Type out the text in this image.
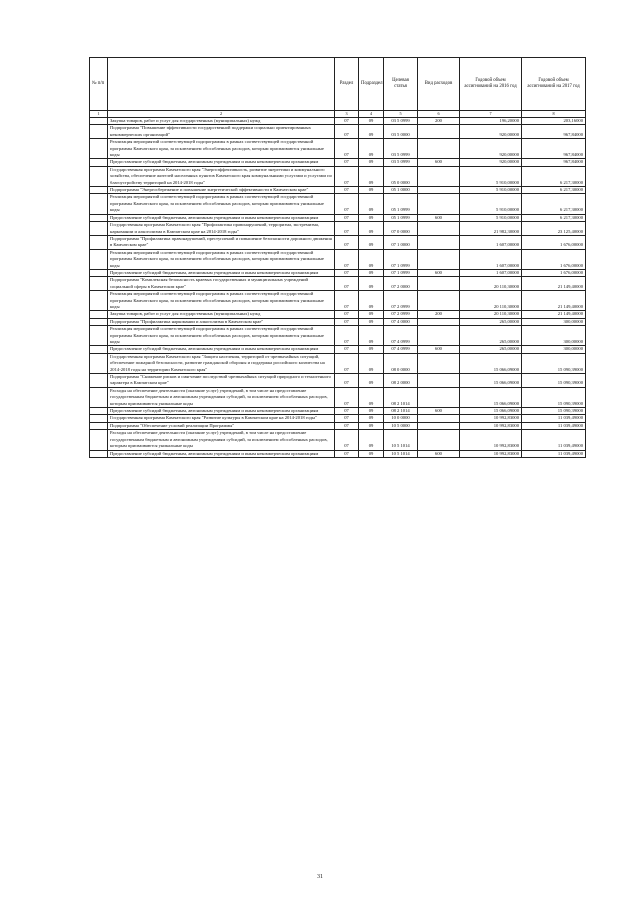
№ п/п		Раздел	Подраздел	Целевая статья	Вид расходов	Годовой объем ассигнований на 2016 год	Годовой объем ассигнований на 2017 год
1	2	3	4	5	6	7	8
	Закупка товаров, работ и услуг для государственных (муниципальных) нужд	07	09	03 5 0999	200	196,20000	203,16000
	Подпрограмма "Повышение эффективности государственной поддержки социально ориентированных некоммерческих организаций"	07	09	03 5 0000		920,00000	967,84000
	Реализация мероприятий соответствующей подпрограммы в рамках соответствующей государственной программы Камчатского края, за исключением обособленных расходов, которым присваиваются уникальные коды	07	09	03 5 0999		920,00000	967,84000
	Предоставление субсидий бюджетным, автономным учреждениям и иным некоммерческим организациям	07	09	03 5 0999	600	920,00000	967,84000
	Государственная программа Камчатского края "Энергоэффективность, развитие энергетики и коммунального хозяйства, обеспечение жителей населенных пунктов Камчатского края коммунальными услугами и услугами по благоустройству территорий на 2014-2018 годы"	07	09	05 0 0000		5 910,00000	6 217,30000
	Подпрограмма "Энергосбережение и повышение энергетической эффективности в Камчатском крае"	07	09	05 1 0000		5 910,00000	6 217,30000
	Реализация мероприятий соответствующей подпрограммы в рамках соответствующей государственной программы Камчатского края, за исключением обособленных расходов, которым присваиваются уникальные коды	07	09	05 1 0999		5 910,00000	6 217,30000
	Предоставление субсидий бюджетным, автономным учреждениям и иным некоммерческим организациям	07	09	05 1 0999	600	5 910,00000	6 217,30000
	Государственная программа Камчатского края "Профилактика правонарушений, терроризма, экстремизма, наркомании и алкоголизма в Камчатском крае на 2014-2018 годы"	07	09	07 0 0000		21 982,30000	23 125,40000
	Подпрограмма "Профилактика правонарушений, преступлений и повышение безопасности дорожного движения в Камчатском крае"	07	09	07 1 0000		1 607,00000	1 676,00000
	Реализация мероприятий соответствующей подпрограммы в рамках соответствующей государственной программы Камчатского края, за исключением обособленных расходов, которым присваиваются уникальные коды	07	09	07 1 0999		1 607,00000	1 676,00000
	Предоставление субсидий бюджетным, автономным учреждениям и иным некоммерческим организациям	07	09	07 1 0999	600	1 607,00000	1 676,00000
	Подпрограмма "Комплексная безопасность краевых государственных и муниципальных учреждений социальной сферы в Камчатском крае"	07	09	07 2 0000		20 110,30000	21 149,40000
	Реализация мероприятий соответствующей подпрограммы в рамках соответствующей государственной программы Камчатского края, за исключением обособленных расходов, которым присваиваются уникальные коды	07	09	07 2 0999		20 110,30000	21 149,40000
	Закупка товаров, работ и услуг для государственных (муниципальных) нужд	07	09	07 2 0999	200	20 110,30000	21 149,40000
	Подпрограмма "Профилактика наркомании и алкоголизма в Камчатском крае"	07	09	07 4 0000		265,00000	300,00000
	Реализация мероприятий соответствующей подпрограммы в рамках соответствующей государственной программы Камчатского края, за исключением обособленных расходов, которым присваиваются уникальные коды	07	09	07 4 0999		265,00000	300,00000
	Предоставление субсидий бюджетным, автономным учреждениям и иным некоммерческим организациям	07	09	07 4 0999	600	265,00000	300,00000
	Государственная программа Камчатского края "Защита населения, территорий от чрезвычайных ситуаций, обеспечение пожарной безопасности, развитие гражданской обороны и поддержка российского казачества на 2014-2018 годы на территории Камчатского края"	07	09	08 0 0000		15 066,09000	15 090,39000
	Подпрограмма "Снижение рисков и смягчение последствий чрезвычайных ситуаций природного и техногенного характера в Камчатском крае"	07	09	08 2 0000		15 066,09000	15 090,39000
	Расходы на обеспечение деятельности (оказание услуг) учреждений, в том числе на предоставление государственным бюджетным и автономным учреждениям субсидий, за исключением обособленных расходов, которым присваиваются уникальные коды	07	09	08 2 1014		15 066,09000	15 090,39000
	Предоставление субсидий бюджетным, автономным учреждениям и иным некоммерческим организациям	07	09	08 2 1014	600	15 066,09000	15 090,39000
	Государственная программа Камчатского края "Развитие культуры в Камчатском крае на 2014-2018 годы"	07	09	10 0 0000		10 992,83000	11 039,49000
	Подпрограмма "Обеспечение условий реализации Программы"	07	09	10 5 0000		10 992,83000	11 039,49000
	Расходы на обеспечение деятельности (оказание услуг) учреждений, в том числе на предоставление государственным бюджетным и автономным учреждениям субсидий, за исключением обособленных расходов, которым присваиваются уникальные коды	07	09	10 5 1014		10 992,83000	11 039,49000
	Предоставление субсидий бюджетным, автономным учреждениям и иным некоммерческим организациям	07	09	10 5 1014	600	10 992,83000	11 039,49000
31
